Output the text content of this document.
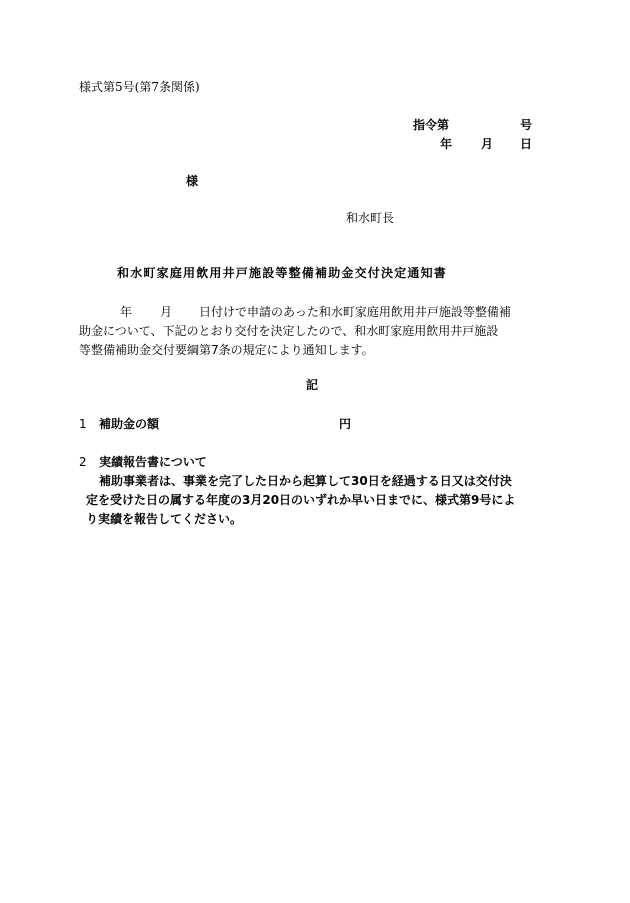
様式第5号(第7条関係)
指令第	号
年 月 日
様
和水町長
和水町家庭用飲用井戸施設等整備補助金交付決定通知書
年 月 日付けで申請のあった和水町家庭用飲用井戸施設等整備補
助金について、下記のとおり交付を決定したので、和水町家庭用飲用井戸施設
等整備補助金交付要綱第7条の規定により通知します。
記
1 補助金の額	円
2 実績報告書について
補助事業者は、事業を完了した日から起算して30日を経過する日又は交付決
定を受けた日の属する年度の3月20日のいずれか早い日までに、様式第9号によ
り実績を報告してください。
